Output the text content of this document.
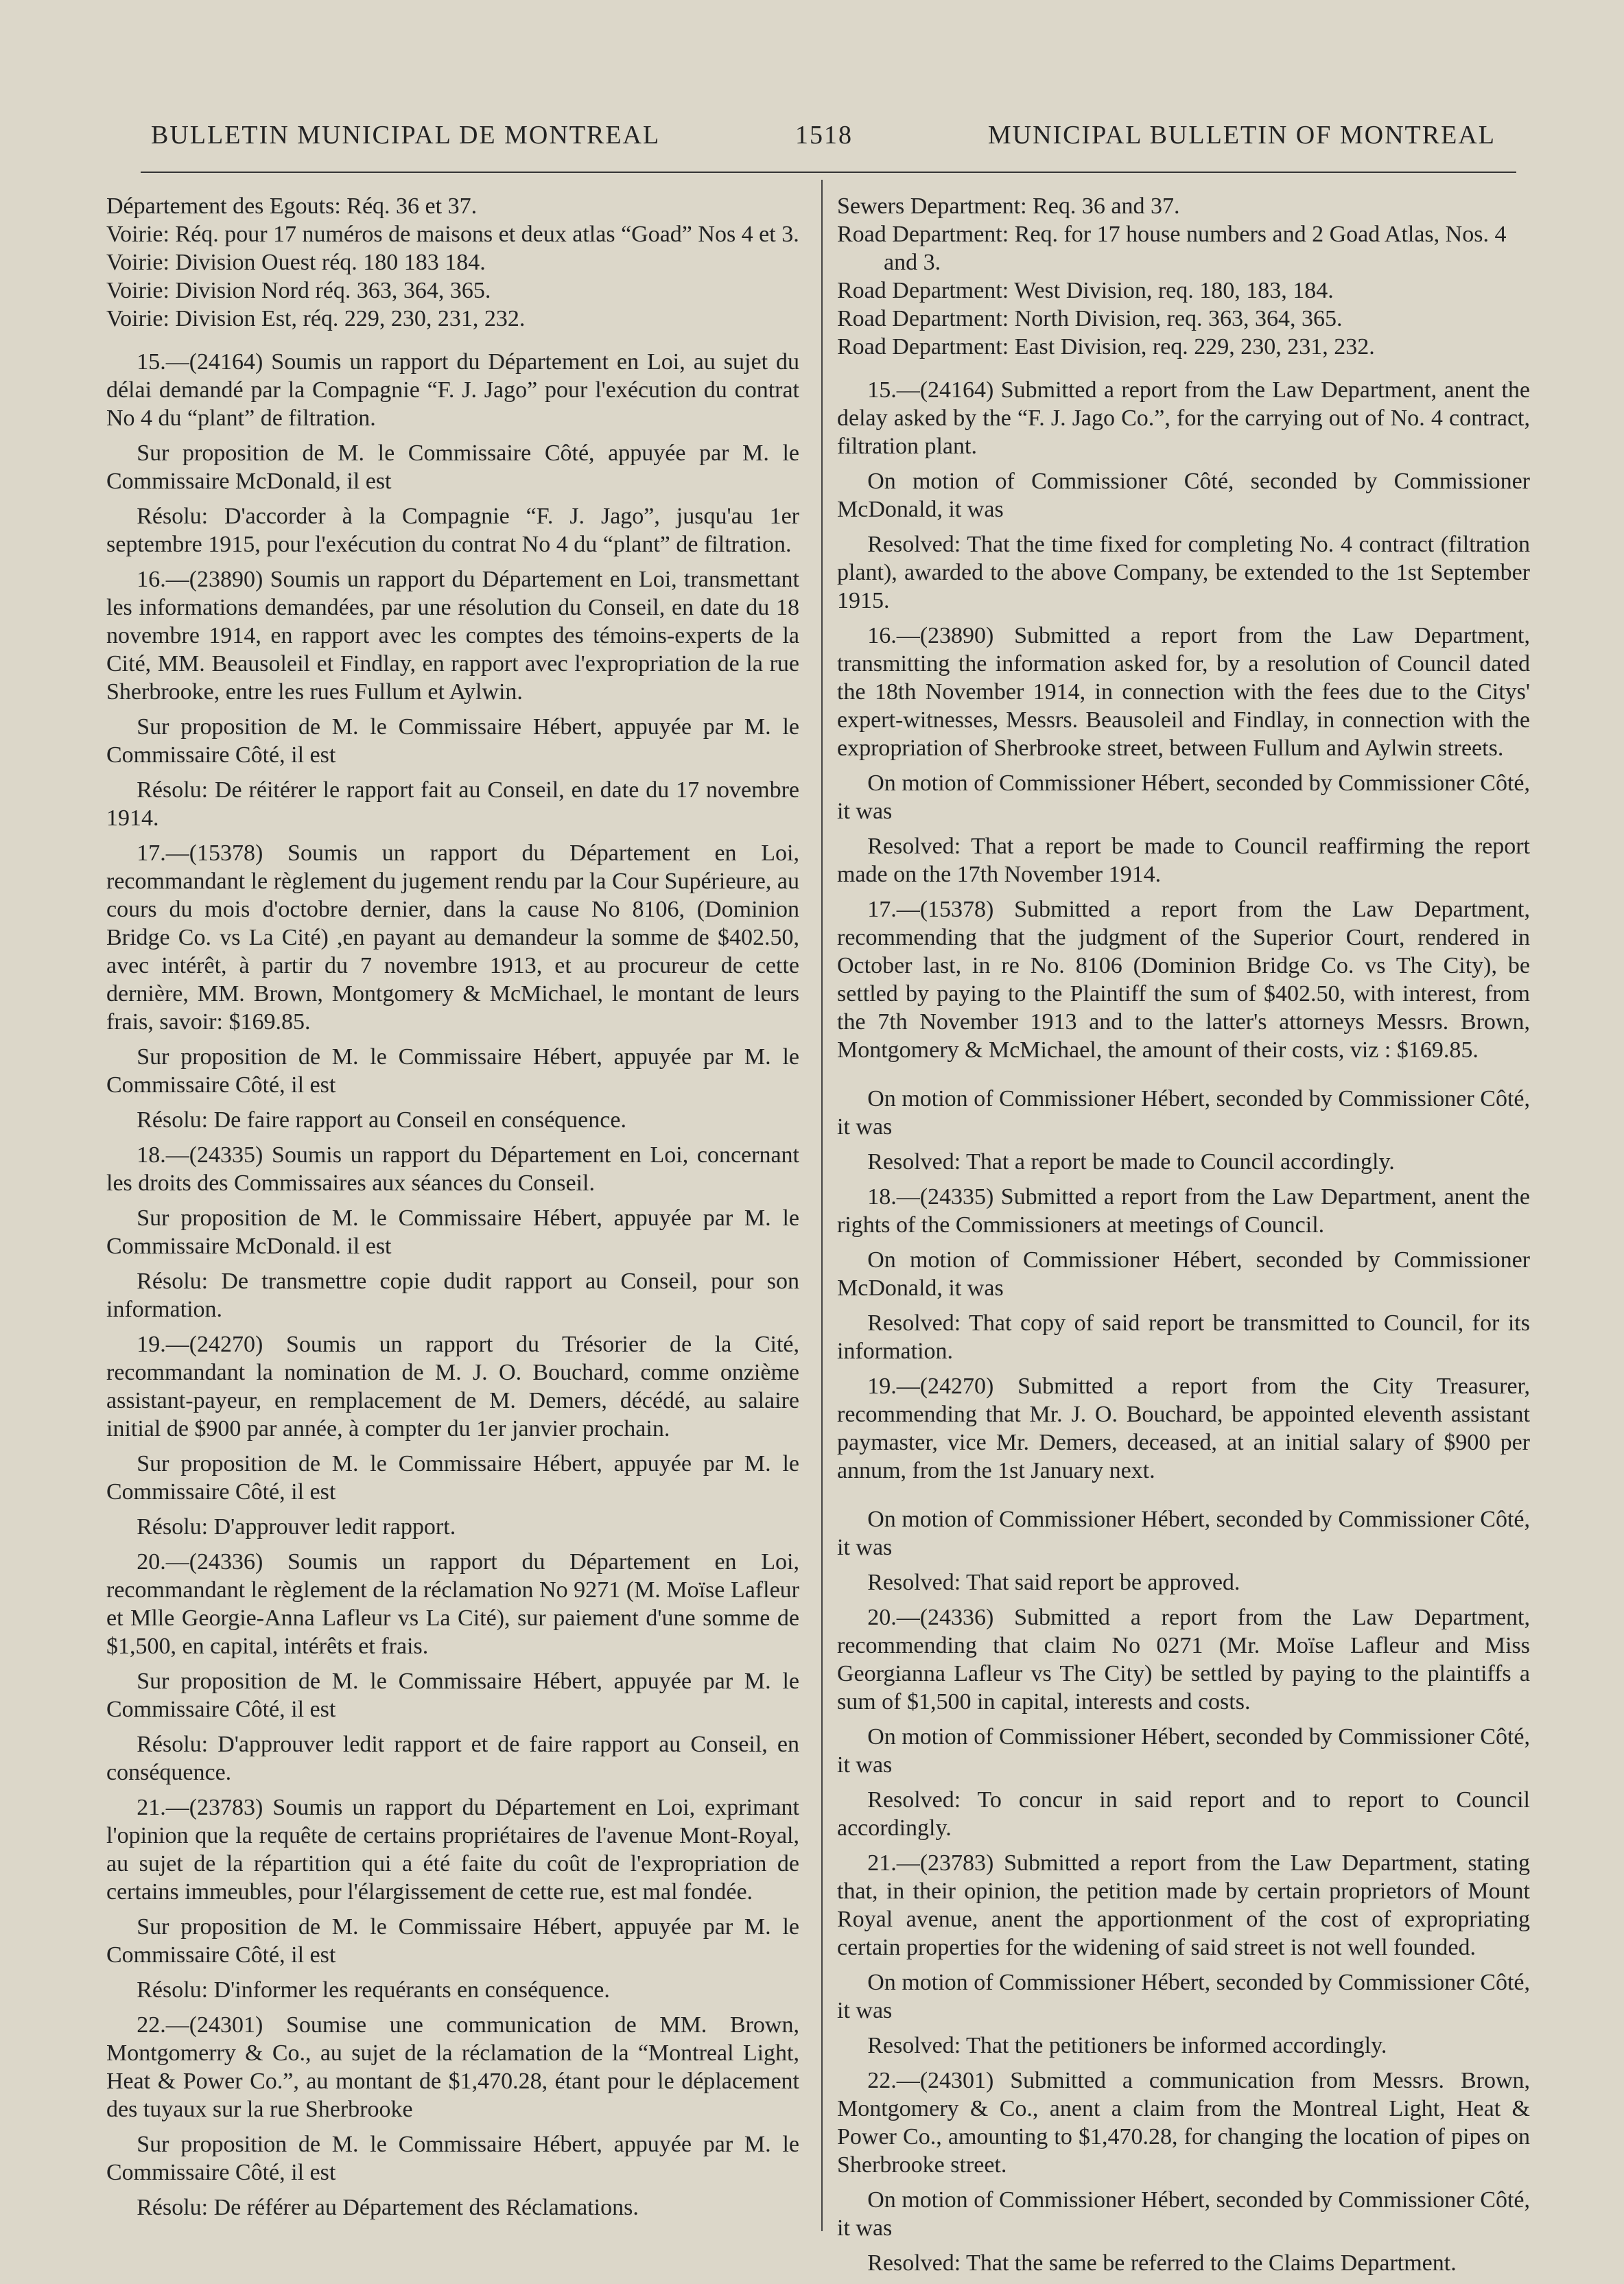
BULLETIN MUNICIPAL DE MONTREAL	1518	MUNICIPAL BULLETIN OF MONTREAL
Département des Egouts: Réq. 36 et 37.
Voirie: Réq. pour 17 numéros de maisons et deux atlas “Goad” Nos 4 et 3.
Voirie: Division Ouest réq. 180 183 184.
Voirie: Division Nord réq. 363, 364, 365.
Voirie: Division Est, réq. 229, 230, 231, 232.

15.—(24164) Soumis un rapport du Département en Loi, au sujet du délai demandé par la Compagnie “F. J. Jago” pour l'exécution du contrat No 4 du “plant” de filtration.

Sur proposition de M. le Commissaire Côté, appuyée par M. le Commissaire McDonald, il est

Résolu: D'accorder à la Compagnie “F. J. Jago”, jusqu'au 1er septembre 1915, pour l'exécution du contrat No 4 du “plant” de filtration.

16.—(23890) Soumis un rapport du Département en Loi, transmettant les informations demandées, par une résolution du Conseil, en date du 18 novembre 1914, en rapport avec les comptes des témoins-experts de la Cité, MM. Beausoleil et Findlay, en rapport avec l'expropriation de la rue Sherbrooke, entre les rues Fullum et Aylwin.

Sur proposition de M. le Commissaire Hébert, appuyée par M. le Commissaire Côté, il est

Résolu: De réitérer le rapport fait au Conseil, en date du 17 novembre 1914.

17.—(15378) Soumis un rapport du Département en Loi, recommandant le règlement du jugement rendu par la Cour Supérieure, au cours du mois d'octobre dernier, dans la cause No 8106, (Dominion Bridge Co. vs La Cité) ,en payant au demandeur la somme de $402.50, avec intérêt, à partir du 7 novembre 1913, et au procureur de cette dernière, MM. Brown, Montgomery & McMichael, le montant de leurs frais, savoir: $169.85.

Sur proposition de M. le Commissaire Hébert, appuyée par M. le Commissaire Côté, il est

Résolu: De faire rapport au Conseil en conséquence.

18.—(24335) Soumis un rapport du Département en Loi, concernant les droits des Commissaires aux séances du Conseil.

Sur proposition de M. le Commissaire Hébert, appuyée par M. le Commissaire McDonald. il est

Résolu: De transmettre copie dudit rapport au Conseil, pour son information.

19.—(24270) Soumis un rapport du Trésorier de la Cité, recommandant la nomination de M. J. O. Bouchard, comme onzième assistant-payeur, en remplacement de M. Demers, décédé, au salaire initial de $900 par année, à compter du 1er janvier prochain.

Sur proposition de M. le Commissaire Hébert, appuyée par M. le Commissaire Côté, il est

Résolu: D'approuver ledit rapport.

20.—(24336) Soumis un rapport du Département en Loi, recommandant le règlement de la réclamation No 9271 (M. Moïse Lafleur et Mlle Georgie-Anna Lafleur vs La Cité), sur paiement d'une somme de $1,500, en capital, intérêts et frais.

Sur proposition de M. le Commissaire Hébert, appuyée par M. le Commissaire Côté, il est

Résolu: D'approuver ledit rapport et de faire rapport au Conseil, en conséquence.

21.—(23783) Soumis un rapport du Département en Loi, exprimant l'opinion que la requête de certains propriétaires de l'avenue Mont-Royal, au sujet de la répartition qui a été faite du coût de l'expropriation de certains immeubles, pour l'élargissement de cette rue, est mal fondée.

Sur proposition de M. le Commissaire Hébert, appuyée par M. le Commissaire Côté, il est

Résolu: D'informer les requérants en conséquence.

22.—(24301) Soumise une communication de MM. Brown, Montgomerry & Co., au sujet de la réclamation de la “Montreal Light, Heat & Power Co.”, au montant de $1,470.28, étant pour le déplacement des tuyaux sur la rue Sherbrooke

Sur proposition de M. le Commissaire Hébert, appuyée par M. le Commissaire Côté, il est

Résolu: De référer au Département des Réclamations.

Sewers Department: Req. 36 and 37.
Road Department: Req. for 17 house numbers and 2 Goad Atlas, Nos. 4 and 3.
Road Department: West Division, req. 180, 183, 184.
Road Department: North Division, req. 363, 364, 365.
Road Department: East Division, req. 229, 230, 231, 232.

15.—(24164) Submitted a report from the Law Department, anent the delay asked by the “F. J. Jago Co.”, for the carrying out of No. 4 contract, filtration plant.

On motion of Commissioner Côté, seconded by Commissioner McDonald, it was

Resolved: That the time fixed for completing No. 4 contract (filtration plant), awarded to the above Company, be extended to the 1st September 1915.

16.—(23890) Submitted a report from the Law Department, transmitting the information asked for, by a resolution of Council dated the 18th November 1914, in connection with the fees due to the Citys' expert-witnesses, Messrs. Beausoleil and Findlay, in connection with the expropriation of Sherbrooke street, between Fullum and Aylwin streets.

On motion of Commissioner Hébert, seconded by Commissioner Côté, it was

Resolved: That a report be made to Council reaffirming the report made on the 17th November 1914.

17.—(15378) Submitted a report from the Law Department, recommending that the judgment of the Superior Court, rendered in October last, in re No. 8106 (Dominion Bridge Co. vs The City), be settled by paying to the Plaintiff the sum of $402.50, with interest, from the 7th November 1913 and to the latter's attorneys Messrs. Brown, Montgomery & McMichael, the amount of their costs, viz : $169.85.

On motion of Commissioner Hébert, seconded by Commissioner Côté, it was

Resolved: That a report be made to Council accordingly.

18.—(24335) Submitted a report from the Law Department, anent the rights of the Commissioners at meetings of Council.

On motion of Commissioner Hébert, seconded by Commissioner McDonald, it was

Resolved: That copy of said report be transmitted to Council, for its information.

19.—(24270) Submitted a report from the City Treasurer, recommending that Mr. J. O. Bouchard, be appointed eleventh assistant paymaster, vice Mr. Demers, deceased, at an initial salary of $900 per annum, from the 1st January next.

On motion of Commissioner Hébert, seconded by Commissioner Côté, it was

Resolved: That said report be approved.

20.—(24336) Submitted a report from the Law Department, recommending that claim No 0271 (Mr. Moïse Lafleur and Miss Georgianna Lafleur vs The City) be settled by paying to the plaintiffs a sum of $1,500 in capital, interests and costs.

On motion of Commissioner Hébert, seconded by Commissioner Côté, it was

Resolved: To concur in said report and to report to Council accordingly.

21.—(23783) Submitted a report from the Law Department, stating that, in their opinion, the petition made by certain proprietors of Mount Royal avenue, anent the apportionment of the cost of expropriating certain properties for the widening of said street is not well founded.

On motion of Commissioner Hébert, seconded by Commissioner Côté, it was

Resolved: That the petitioners be informed accordingly.

22.—(24301) Submitted a communication from Messrs. Brown, Montgomery & Co., anent a claim from the Montreal Light, Heat & Power Co., amounting to $1,470.28, for changing the location of pipes on Sherbrooke street.

On motion of Commissioner Hébert, seconded by Commissioner Côté, it was

Resolved: That the same be referred to the Claims Department.
